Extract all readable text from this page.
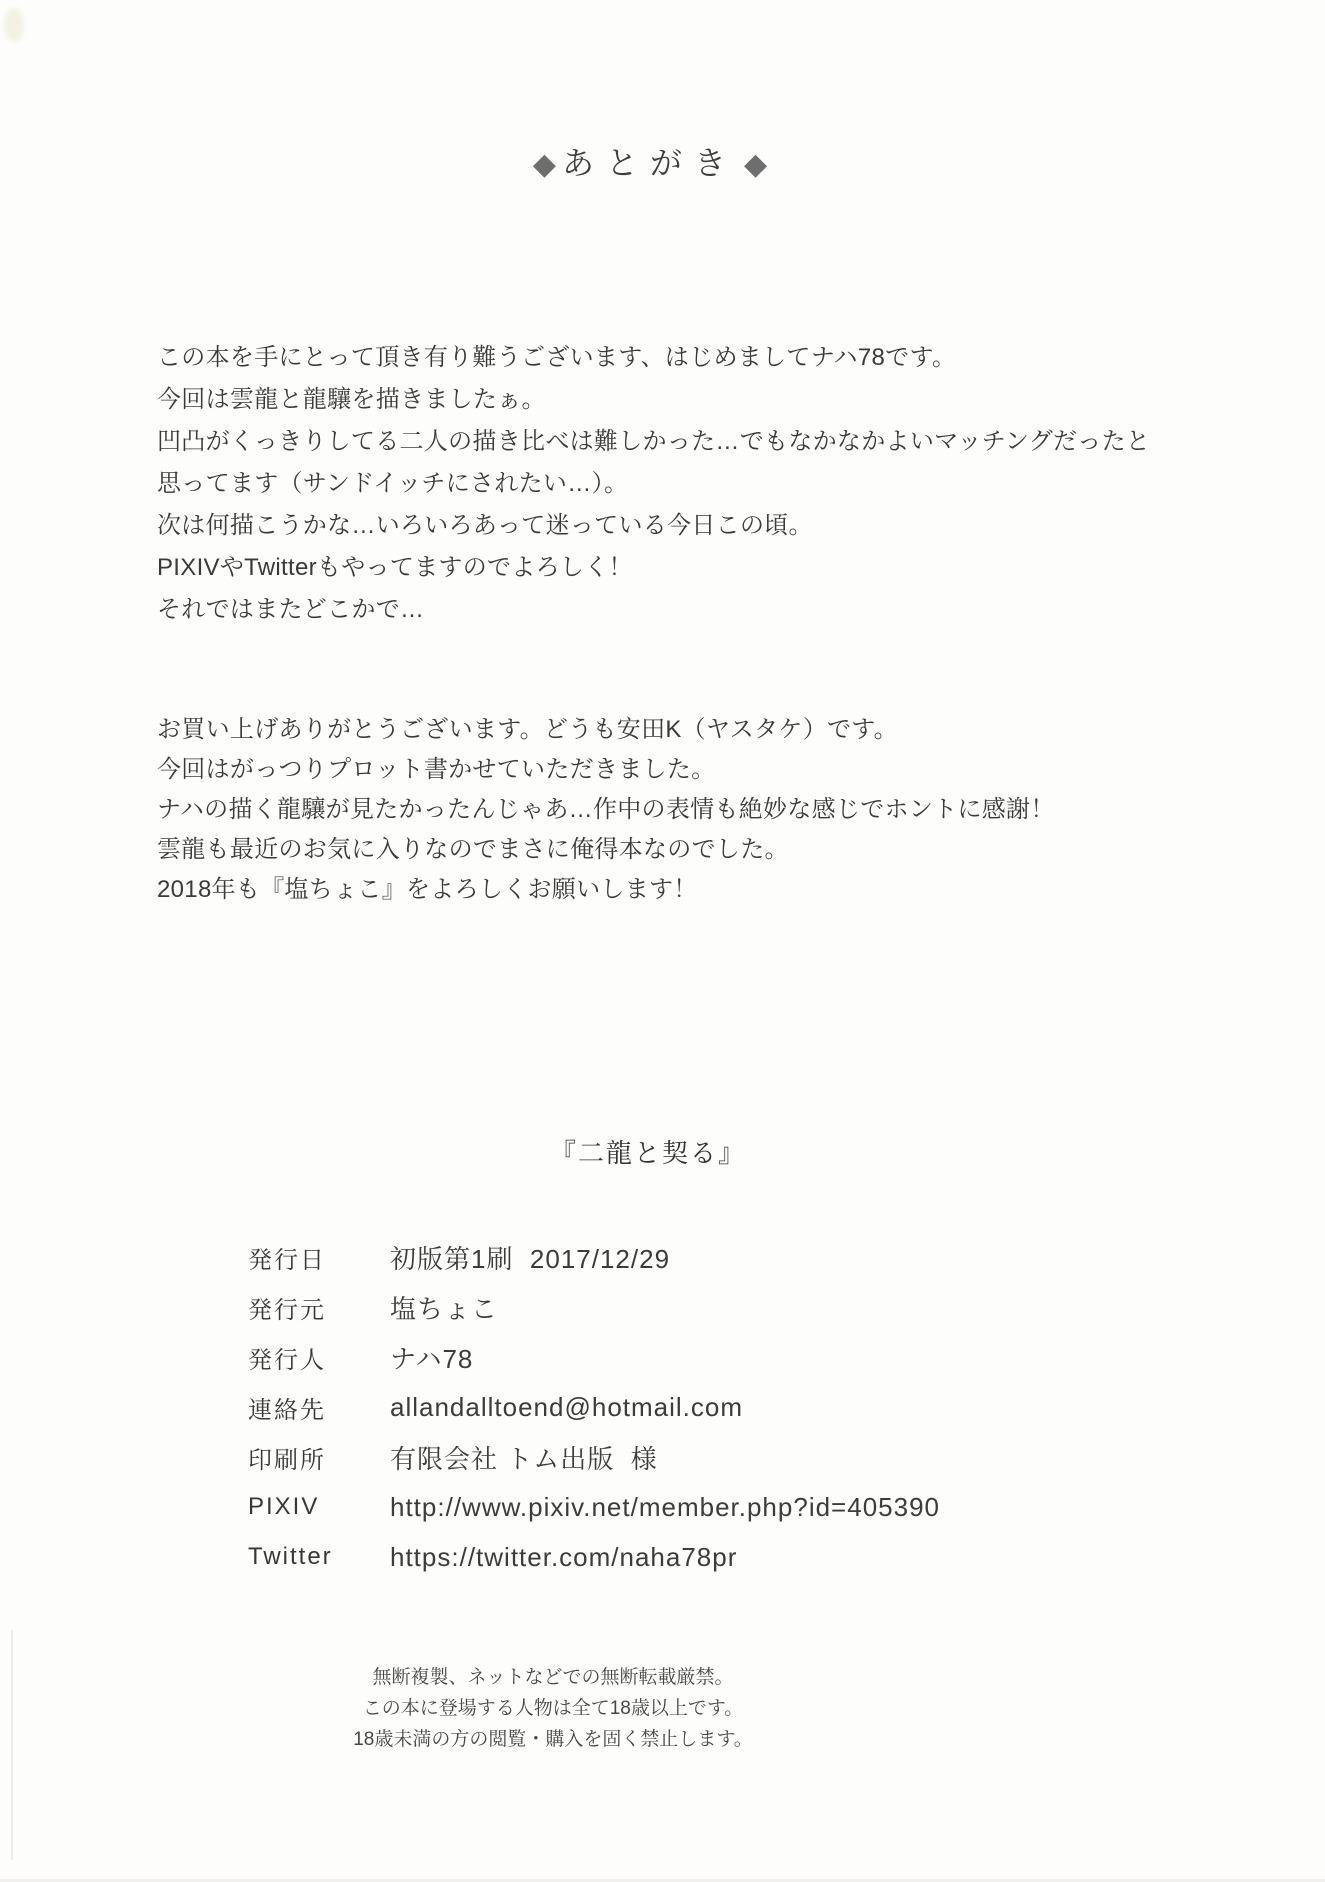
◆ あとがき ◆

この本を手にとって頂き有り難うございます、はじめましてナハ78です。

今回は雲龍と龍驤を描きましたぁ。

凹凸がくっきりしてる二人の描き比べは難しかった…でもなかなかよいマッチングだったと

思ってます（サンドイッチにされたい…）。

次は何描こうかな…いろいろあって迷っている今日この頃。

PIXIVやTwitterもやってますのでよろしく！

それではまたどこかで…

お買い上げありがとうございます。どうも安田K（ヤスタケ）です。

今回はがっつりプロット書かせていただきました。

ナハの描く龍驤が見たかったんじゃあ…作中の表情も絶妙な感じでホントに感謝！

雲龍も最近のお気に入りなのでまさに俺得本なのでした。

2018年も『塩ちょこ』をよろしくお願いします！

『二龍と契る』
発行日	初版第1刷  2017/12/29
発行元	塩ちょこ
発行人	ナハ78
連絡先	allandalltoend@hotmail.com
印刷所	有限会社 トム出版  様
PIXIV	http://www.pixiv.net/member.php?id=405390
Twitter	https://twitter.com/naha78pr

無断複製、ネットなどでの無断転載厳禁。

この本に登場する人物は全て18歳以上です。

18歳未満の方の閲覧・購入を固く禁止します。
